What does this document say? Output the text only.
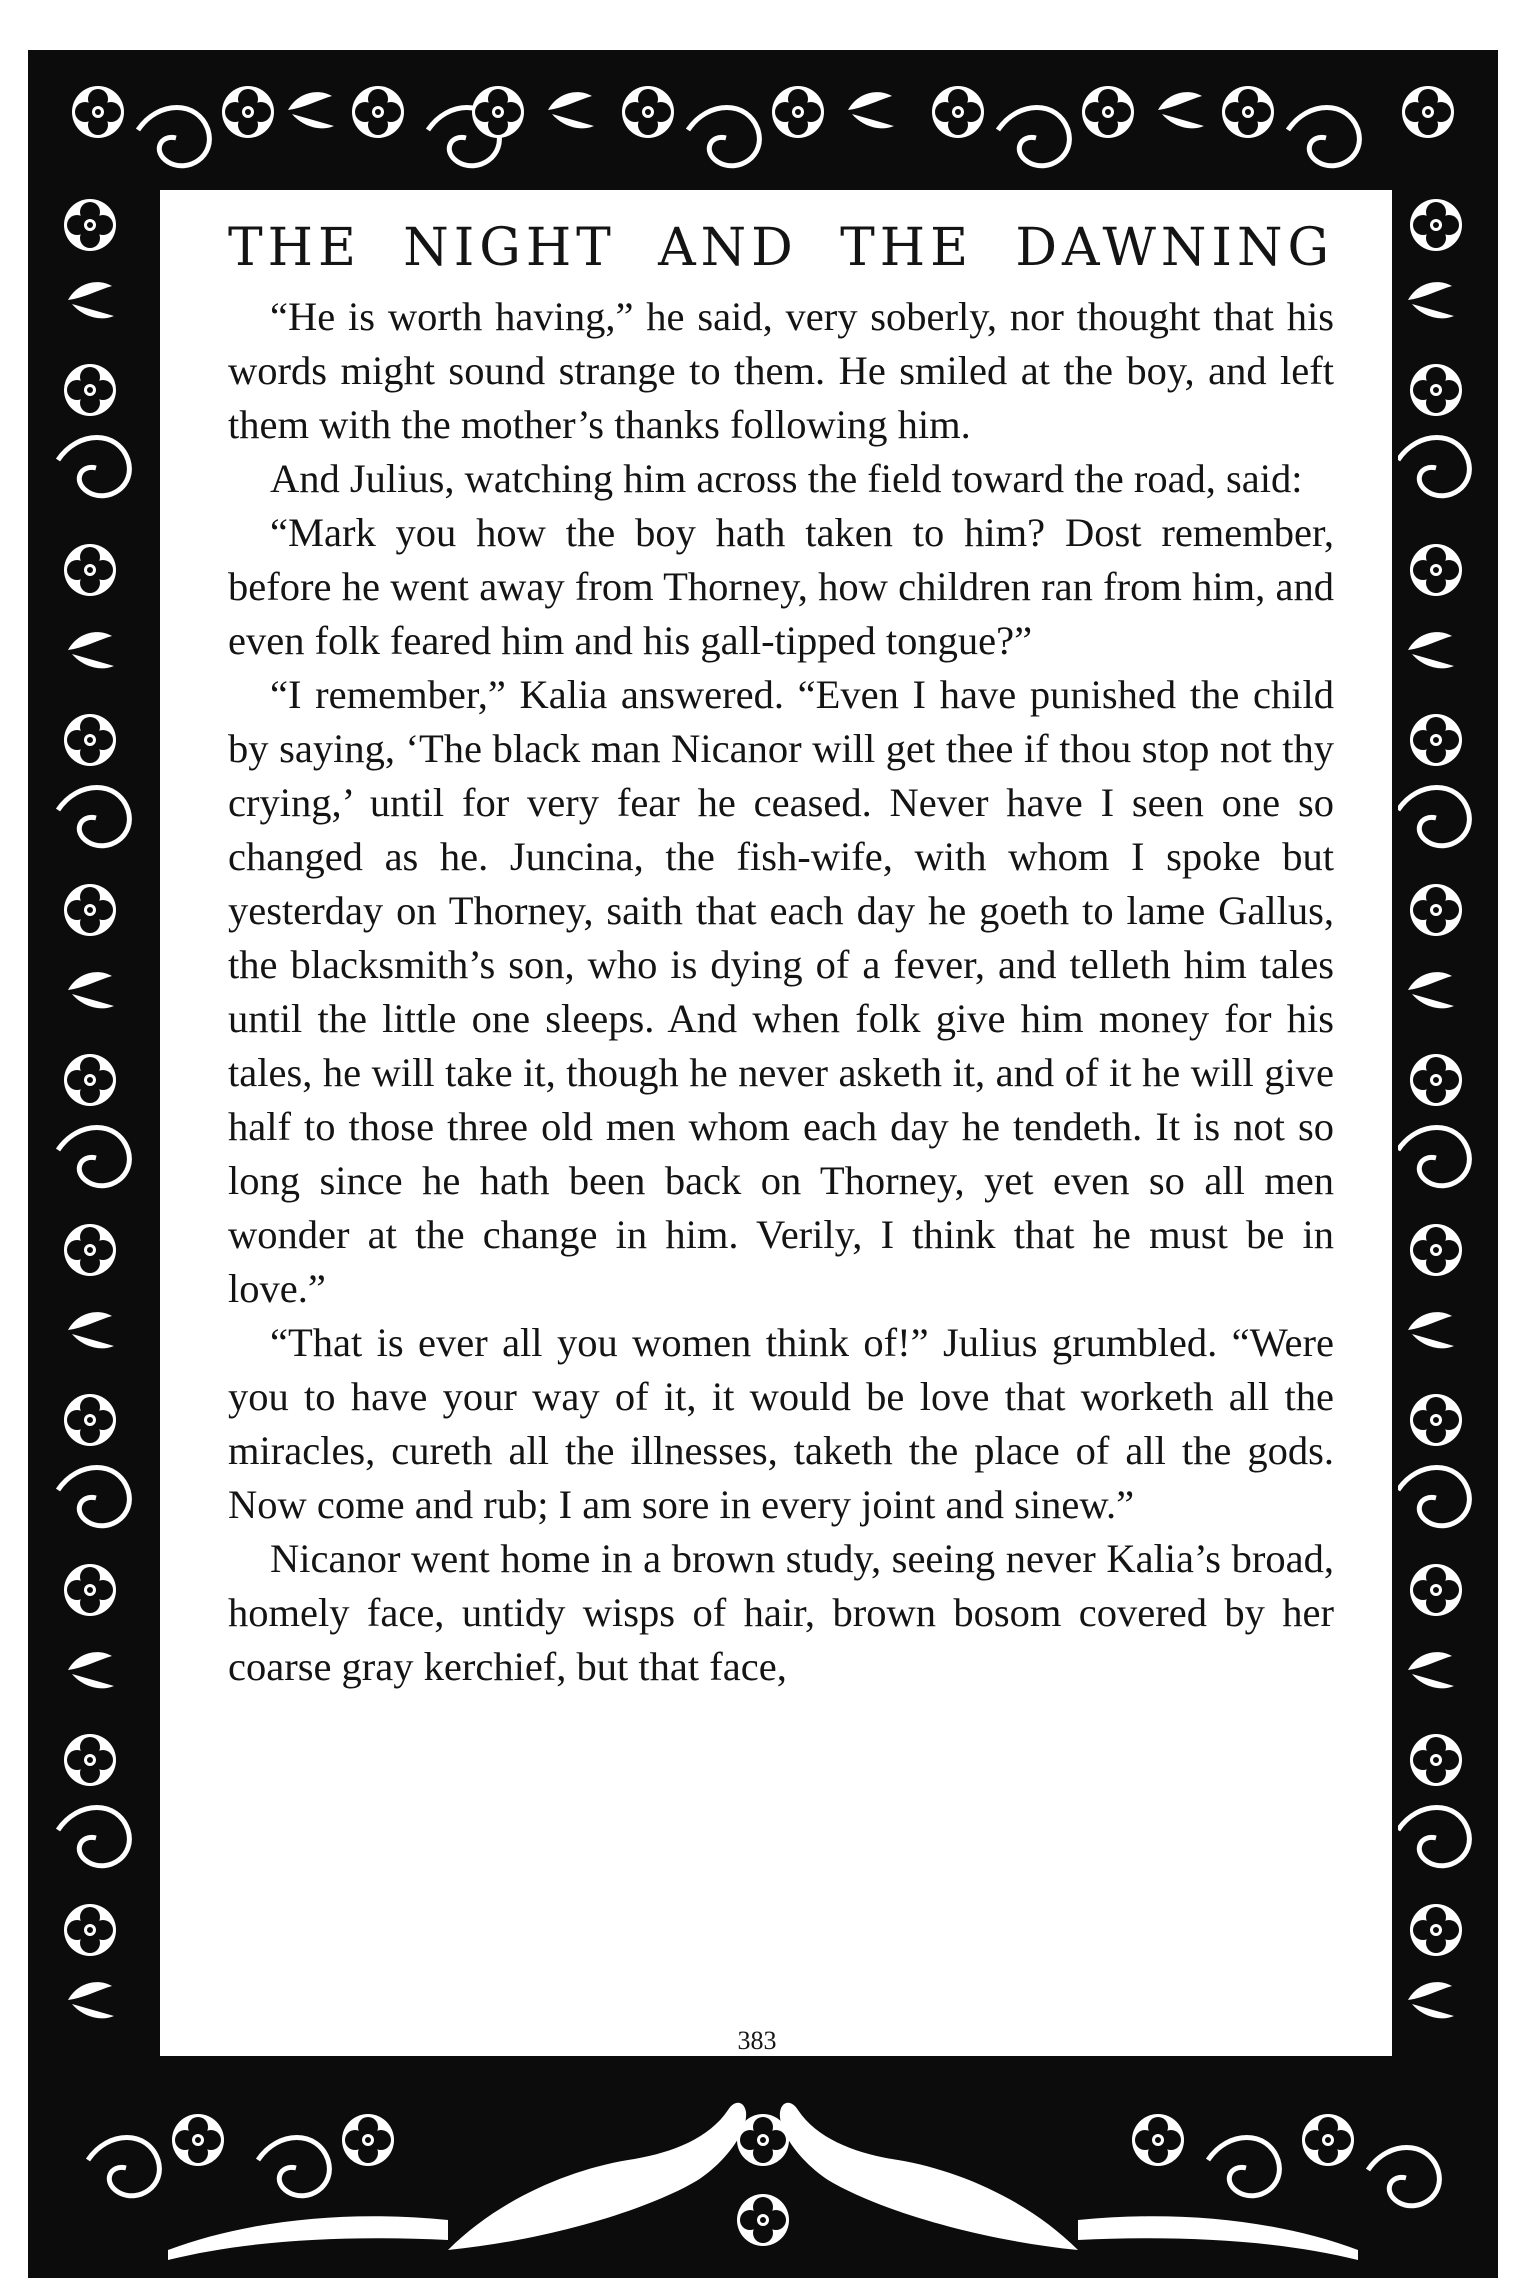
THE NIGHT AND THE DAWNING

“He is worth having,” he said, very soberly, nor thought that his words might sound strange to them. He smiled at the boy, and left them with the mother’s thanks following him.

And Julius, watching him across the field toward the road, said:

“Mark you how the boy hath taken to him? Dost remember, before he went away from Thorney, how children ran from him, and even folk feared him and his gall-tipped tongue?”

“I remember,” Kalia answered. “Even I have punished the child by saying, ‘The black man Nicanor will get thee if thou stop not thy crying,’ until for very fear he ceased. Never have I seen one so changed as he. Juncina, the fish-wife, with whom I spoke but yesterday on Thorney, saith that each day he goeth to lame Gallus, the blacksmith’s son, who is dying of a fever, and telleth him tales until the little one sleeps. And when folk give him money for his tales, he will take it, though he never asketh it, and of it he will give half to those three old men whom each day he tendeth. It is not so long since he hath been back on Thorney, yet even so all men wonder at the change in him. Verily, I think that he must be in love.”

“That is ever all you women think of!” Julius grumbled. “Were you to have your way of it, it would be love that worketh all the miracles, cureth all the illnesses, taketh the place of all the gods. Now come and rub; I am sore in every joint and sinew.”

Nicanor went home in a brown study, seeing never Kalia’s broad, homely face, untidy wisps of hair, brown bosom covered by her coarse gray kerchief, but that face,

383
